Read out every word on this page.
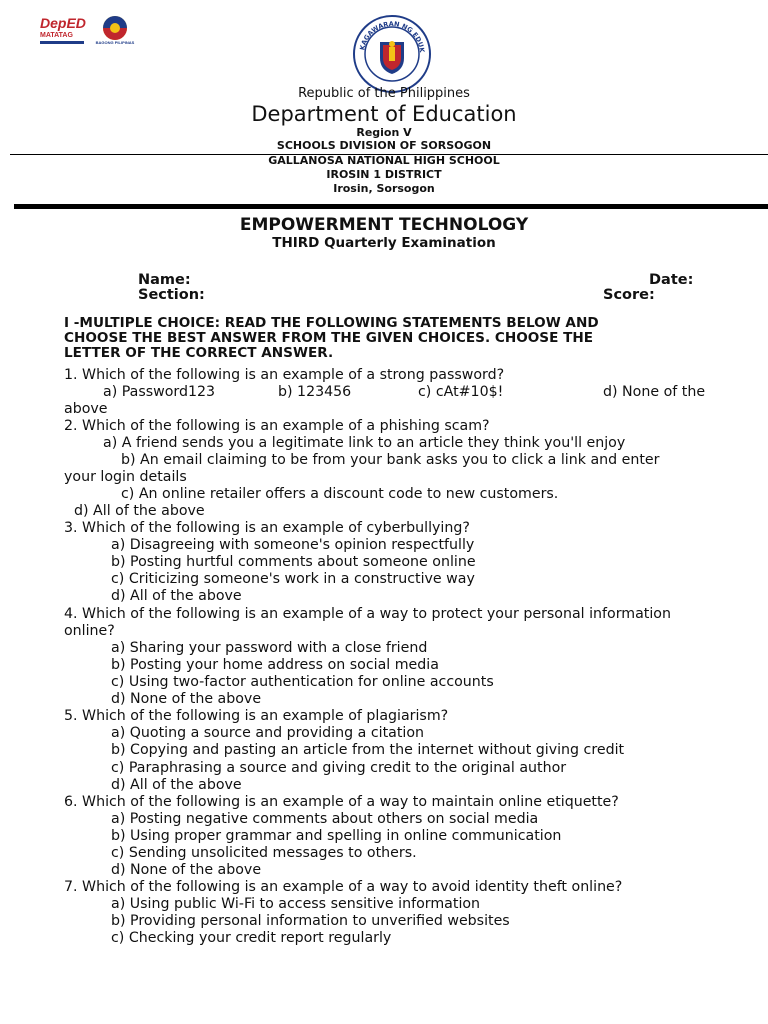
DepED
MATATAG
BAGONG PILIPINAS
KAGAWARAN NG EDUK
Republic of the Philippines
Department of Education
Region V
SCHOOLS DIVISION OF SORSOGON
GALLANOSA NATIONAL HIGH SCHOOL
IROSIN 1 DISTRICT
Irosin, Sorsogon
EMPOWERMENT TECHNOLOGY
THIRD Quarterly Examination
Name:	Date:
Section:	Score:
I -MULTIPLE CHOICE: READ THE FOLLOWING STATEMENTS BELOW AND
CHOOSE THE BEST ANSWER FROM THE GIVEN CHOICES. CHOOSE THE
LETTER OF THE CORRECT ANSWER.
1. Which of the following is an example of a strong password?
a) Password123	b) 123456	c) cAt#10$!	d) None of the
above
2. Which of the following is an example of a phishing scam?
a) A friend sends you a legitimate link to an article they think you'll enjoy
b) An email claiming to be from your bank asks you to click a link and enter
your login details
c) An online retailer offers a discount code to new customers.
d) All of the above
3. Which of the following is an example of cyberbullying?
a) Disagreeing with someone's opinion respectfully
b) Posting hurtful comments about someone online
c) Criticizing someone's work in a constructive way
d) All of the above
4. Which of the following is an example of a way to protect your personal information
online?
a) Sharing your password with a close friend
b) Posting your home address on social media
c) Using two-factor authentication for online accounts
d) None of the above
5. Which of the following is an example of plagiarism?
a) Quoting a source and providing a citation
b) Copying and pasting an article from the internet without giving credit
c) Paraphrasing a source and giving credit to the original author
d) All of the above
6. Which of the following is an example of a way to maintain online etiquette?
a) Posting negative comments about others on social media
b) Using proper grammar and spelling in online communication
c) Sending unsolicited messages to others.
d) None of the above
7. Which of the following is an example of a way to avoid identity theft online?
a) Using public Wi-Fi to access sensitive information
b) Providing personal information to unverified websites
c) Checking your credit report regularly
